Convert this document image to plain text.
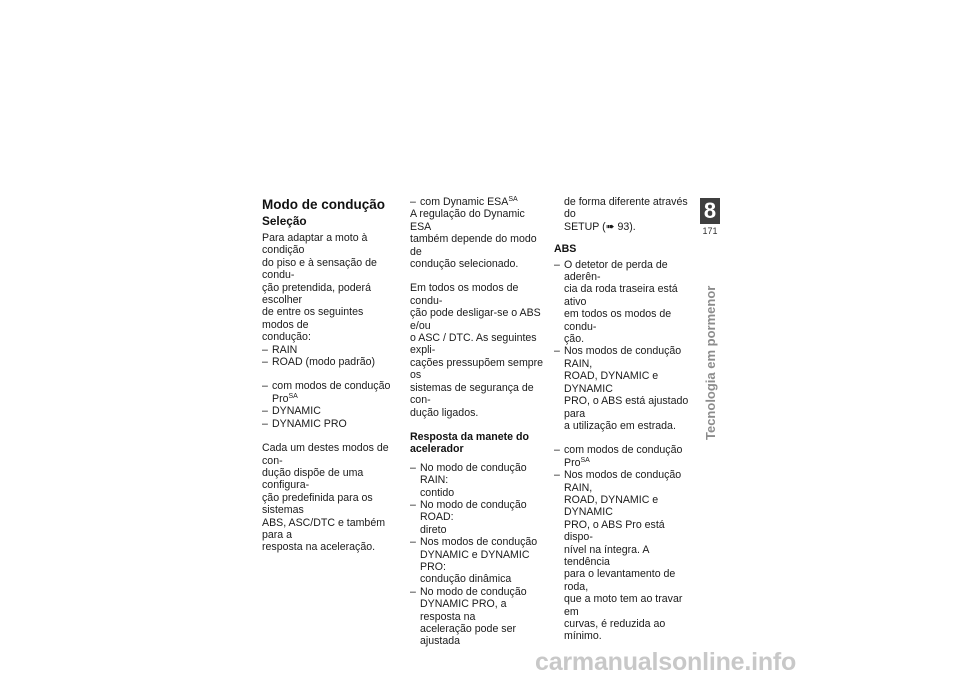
Modo de condução
Seleção

Para adaptar a moto à condição
do piso e à sensação de condu-
ção pretendida, poderá escolher
de entre os seguintes modos de
condução:

– RAIN

– ROAD (modo padrão)

– com modos de condução
Pro$^{SA}$

– DYNAMIC

– DYNAMIC PRO

Cada um destes modos de con-
dução dispõe de uma configura-
ção predefinida para os sistemas
ABS, ASC/DTC e também para a
resposta na aceleração.

– com Dynamic $ESA^{SA}$

A regulação do Dynamic ESA
também depende do modo de
condução selecionado.

Em todos os modos de condu-
ção pode desligar-se o ABS e/ou
o ASC / DTC. As seguintes expli-
cações pressupõem sempre os
sistemas de segurança de con-
dução ligados.

Resposta da manete do
acelerador

– No modo de condução RAIN:
contido

– No modo de condução ROAD:
direto

– Nos modos de condução
DYNAMIC e DYNAMIC PRO:
condução dinâmica

– No modo de condução
DYNAMIC PRO, a resposta na
aceleração pode ser ajustada

de forma diferente através do
SETUP (➠ 93).

ABS

– O detetor de perda de aderên-
cia da roda traseira está ativo
em todos os modos de condu-
ção.

– Nos modos de condução RAIN,
ROAD, DYNAMIC e DYNAMIC
PRO, o ABS está ajustado para
a utilização em estrada.

– com modos de condução
Pro$^{SA}$

– Nos modos de condução RAIN,
ROAD, DYNAMIC e DYNAMIC
PRO, o ABS Pro está dispo-
nível na íntegra. A tendência
para o levantamento de roda,
que a moto tem ao travar em
curvas, é reduzida ao mínimo.

8
171
Tecnologia em pormenor
carmanualsonline.info
